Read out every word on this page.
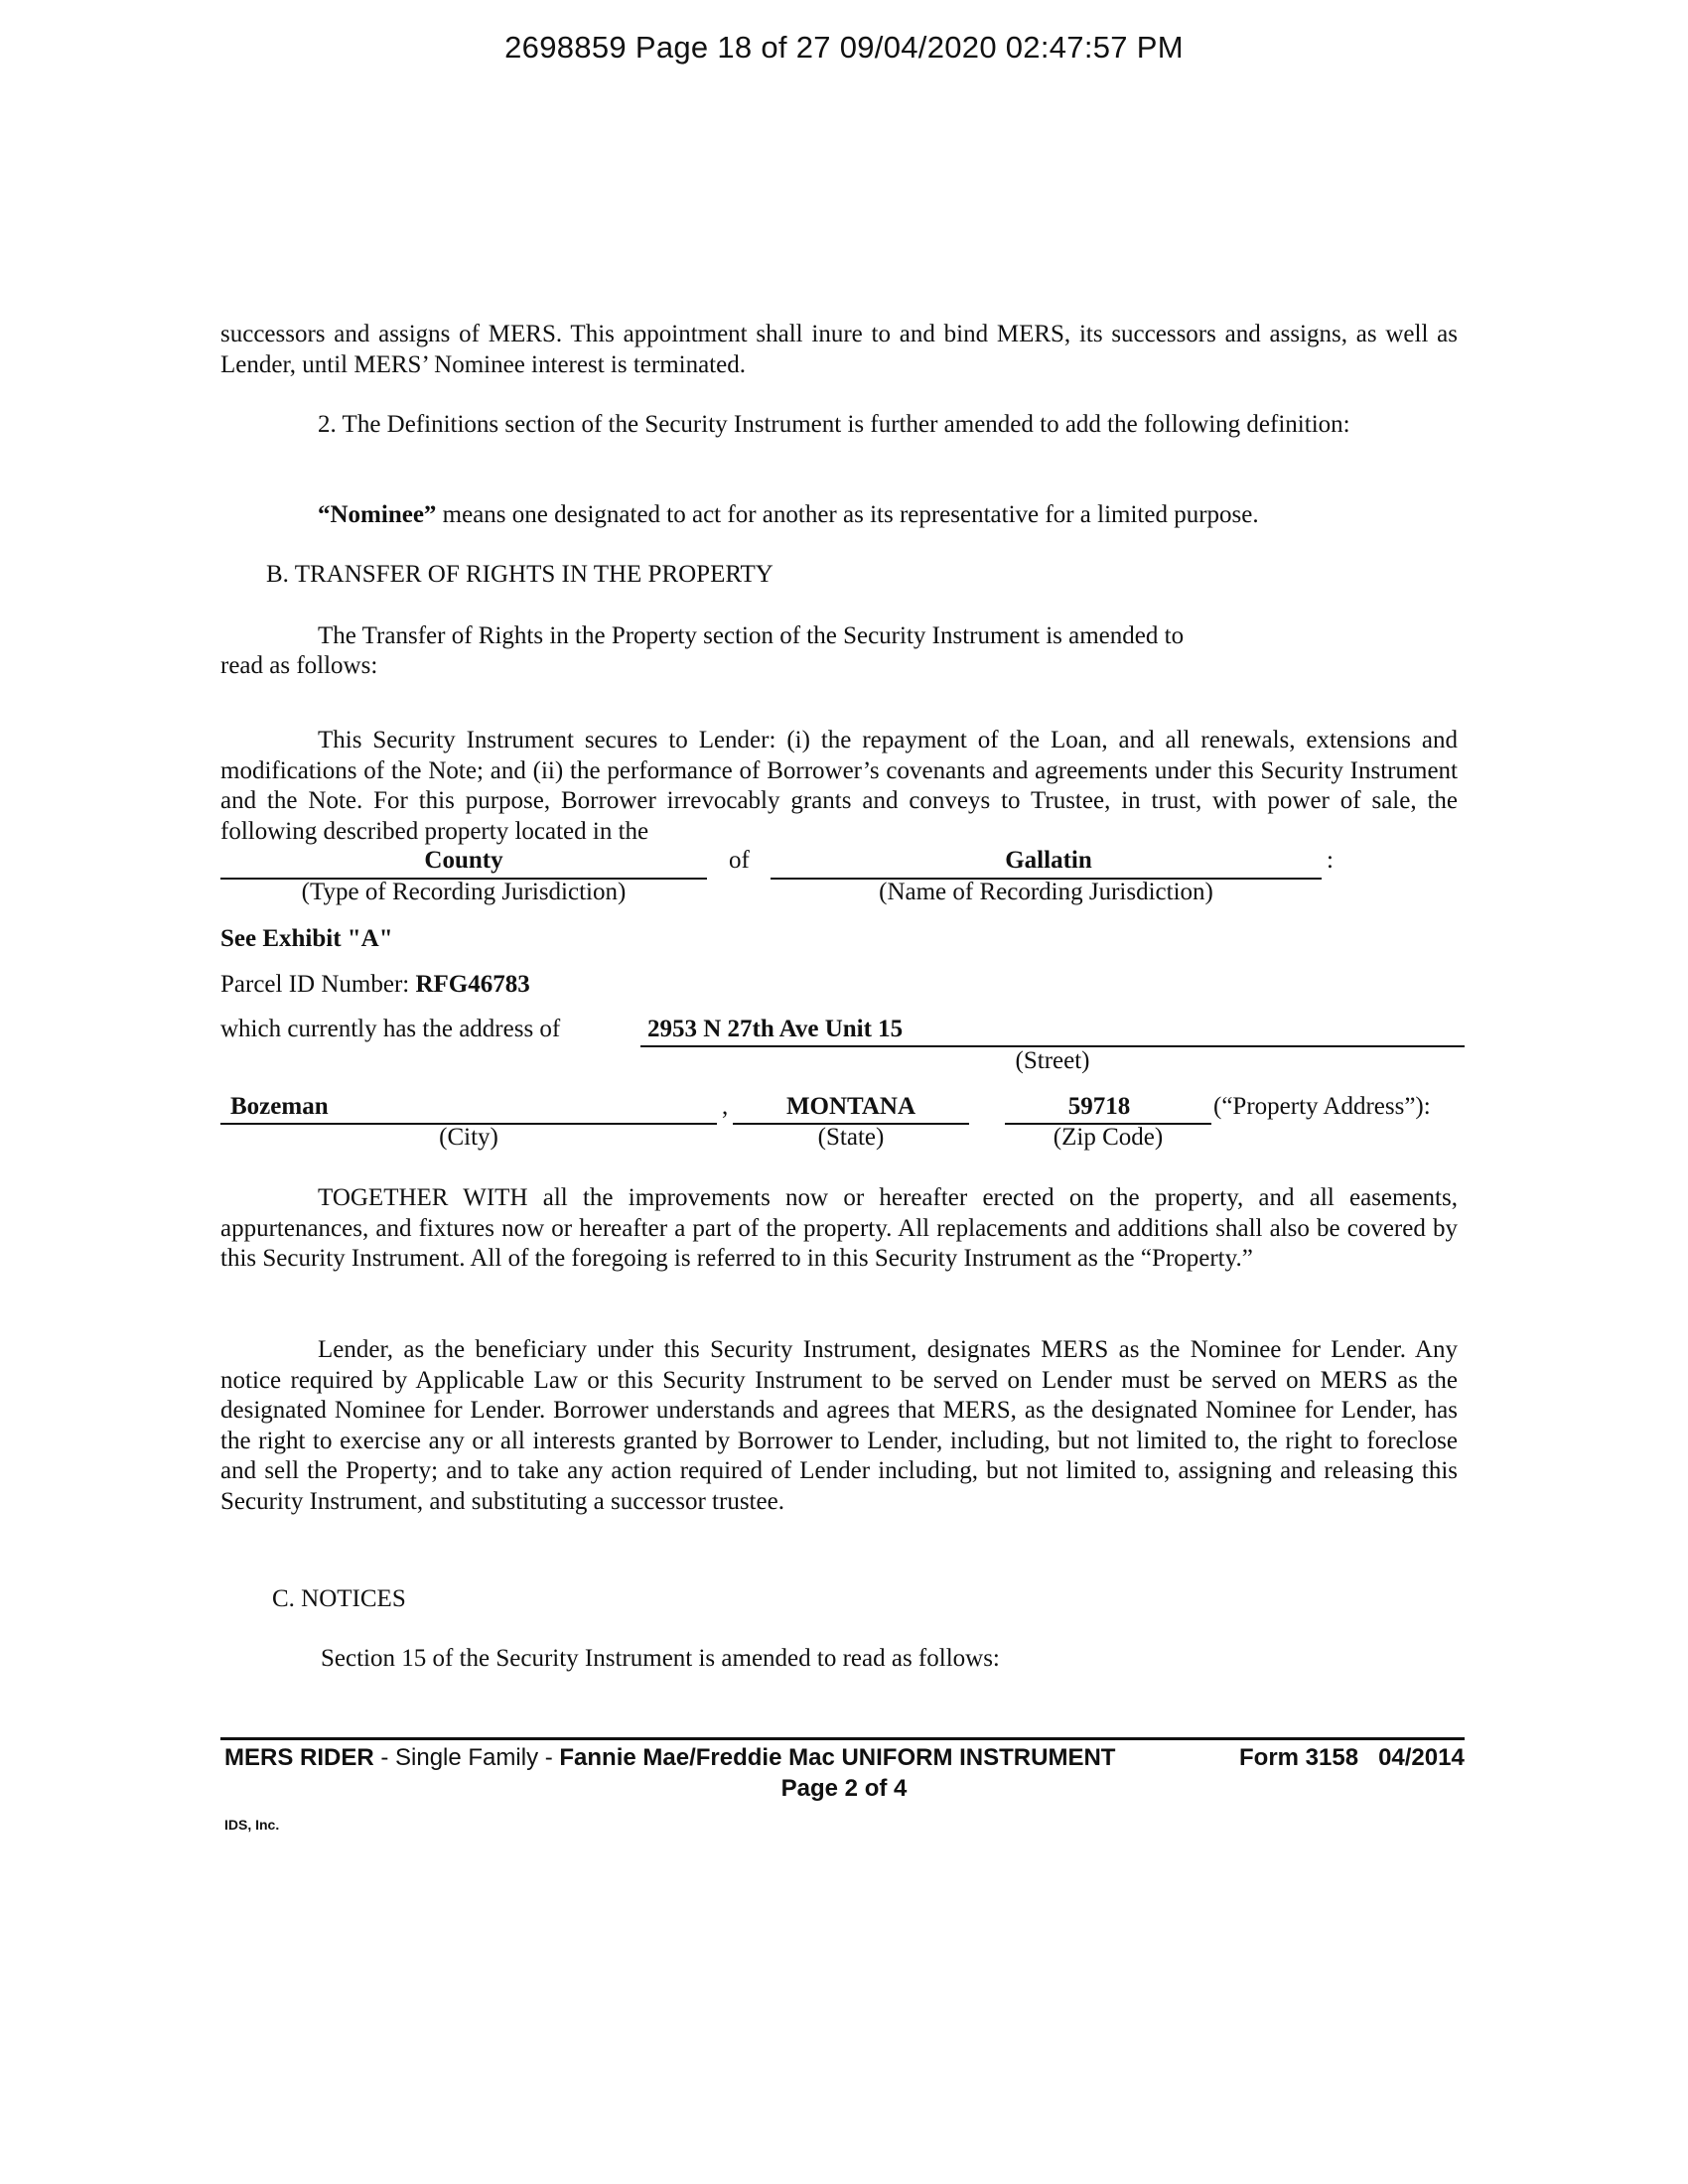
2698859 Page 18 of 27 09/04/2020 02:47:57 PM
successors and assigns of MERS. This appointment shall inure to and bind MERS, its successors and assigns, as well as Lender, until MERS’ Nominee interest is terminated.
2. The Definitions section of the Security Instrument is further amended to add the following definition:
“Nominee” means one designated to act for another as its representative for a limited purpose.
B. TRANSFER OF RIGHTS IN THE PROPERTY
The Transfer of Rights in the Property section of the Security Instrument is amended to
read as follows:
This Security Instrument secures to Lender: (i) the repayment of the Loan, and all renewals, extensions and modifications of the Note; and (ii) the performance of Borrower’s covenants and agreements under this Security Instrument and the Note. For this purpose, Borrower irrevocably grants and conveys to Trustee, in trust, with power of sale, the following described property located in the
County	of	Gallatin	:
(Type of Recording Jurisdiction)	(Name of Recording Jurisdiction)
See Exhibit "A"
Parcel ID Number: RFG46783
which currently has the address of	2953 N 27th Ave Unit 15
(Street)
Bozeman	,	MONTANA	59718	(“Property Address”):
(City)	(State)	(Zip Code)
TOGETHER WITH all the improvements now or hereafter erected on the property, and all easements, appurtenances, and fixtures now or hereafter a part of the property. All replacements and additions shall also be covered by this Security Instrument. All of the foregoing is referred to in this Security Instrument as the “Property.”
Lender, as the beneficiary under this Security Instrument, designates MERS as the Nominee for Lender. Any notice required by Applicable Law or this Security Instrument to be served on Lender must be served on MERS as the designated Nominee for Lender. Borrower understands and agrees that MERS, as the designated Nominee for Lender, has the right to exercise any or all interests granted by Borrower to Lender, including, but not limited to, the right to foreclose and sell the Property; and to take any action required of Lender including, but not limited to, assigning and releasing this Security Instrument, and substituting a successor trustee.
C. NOTICES
Section 15 of the Security Instrument is amended to read as follows:
MERS RIDER - Single Family - Fannie Mae/Freddie Mac UNIFORM INSTRUMENT	Form 3158   04/2014
Page 2 of 4
IDS, Inc.
